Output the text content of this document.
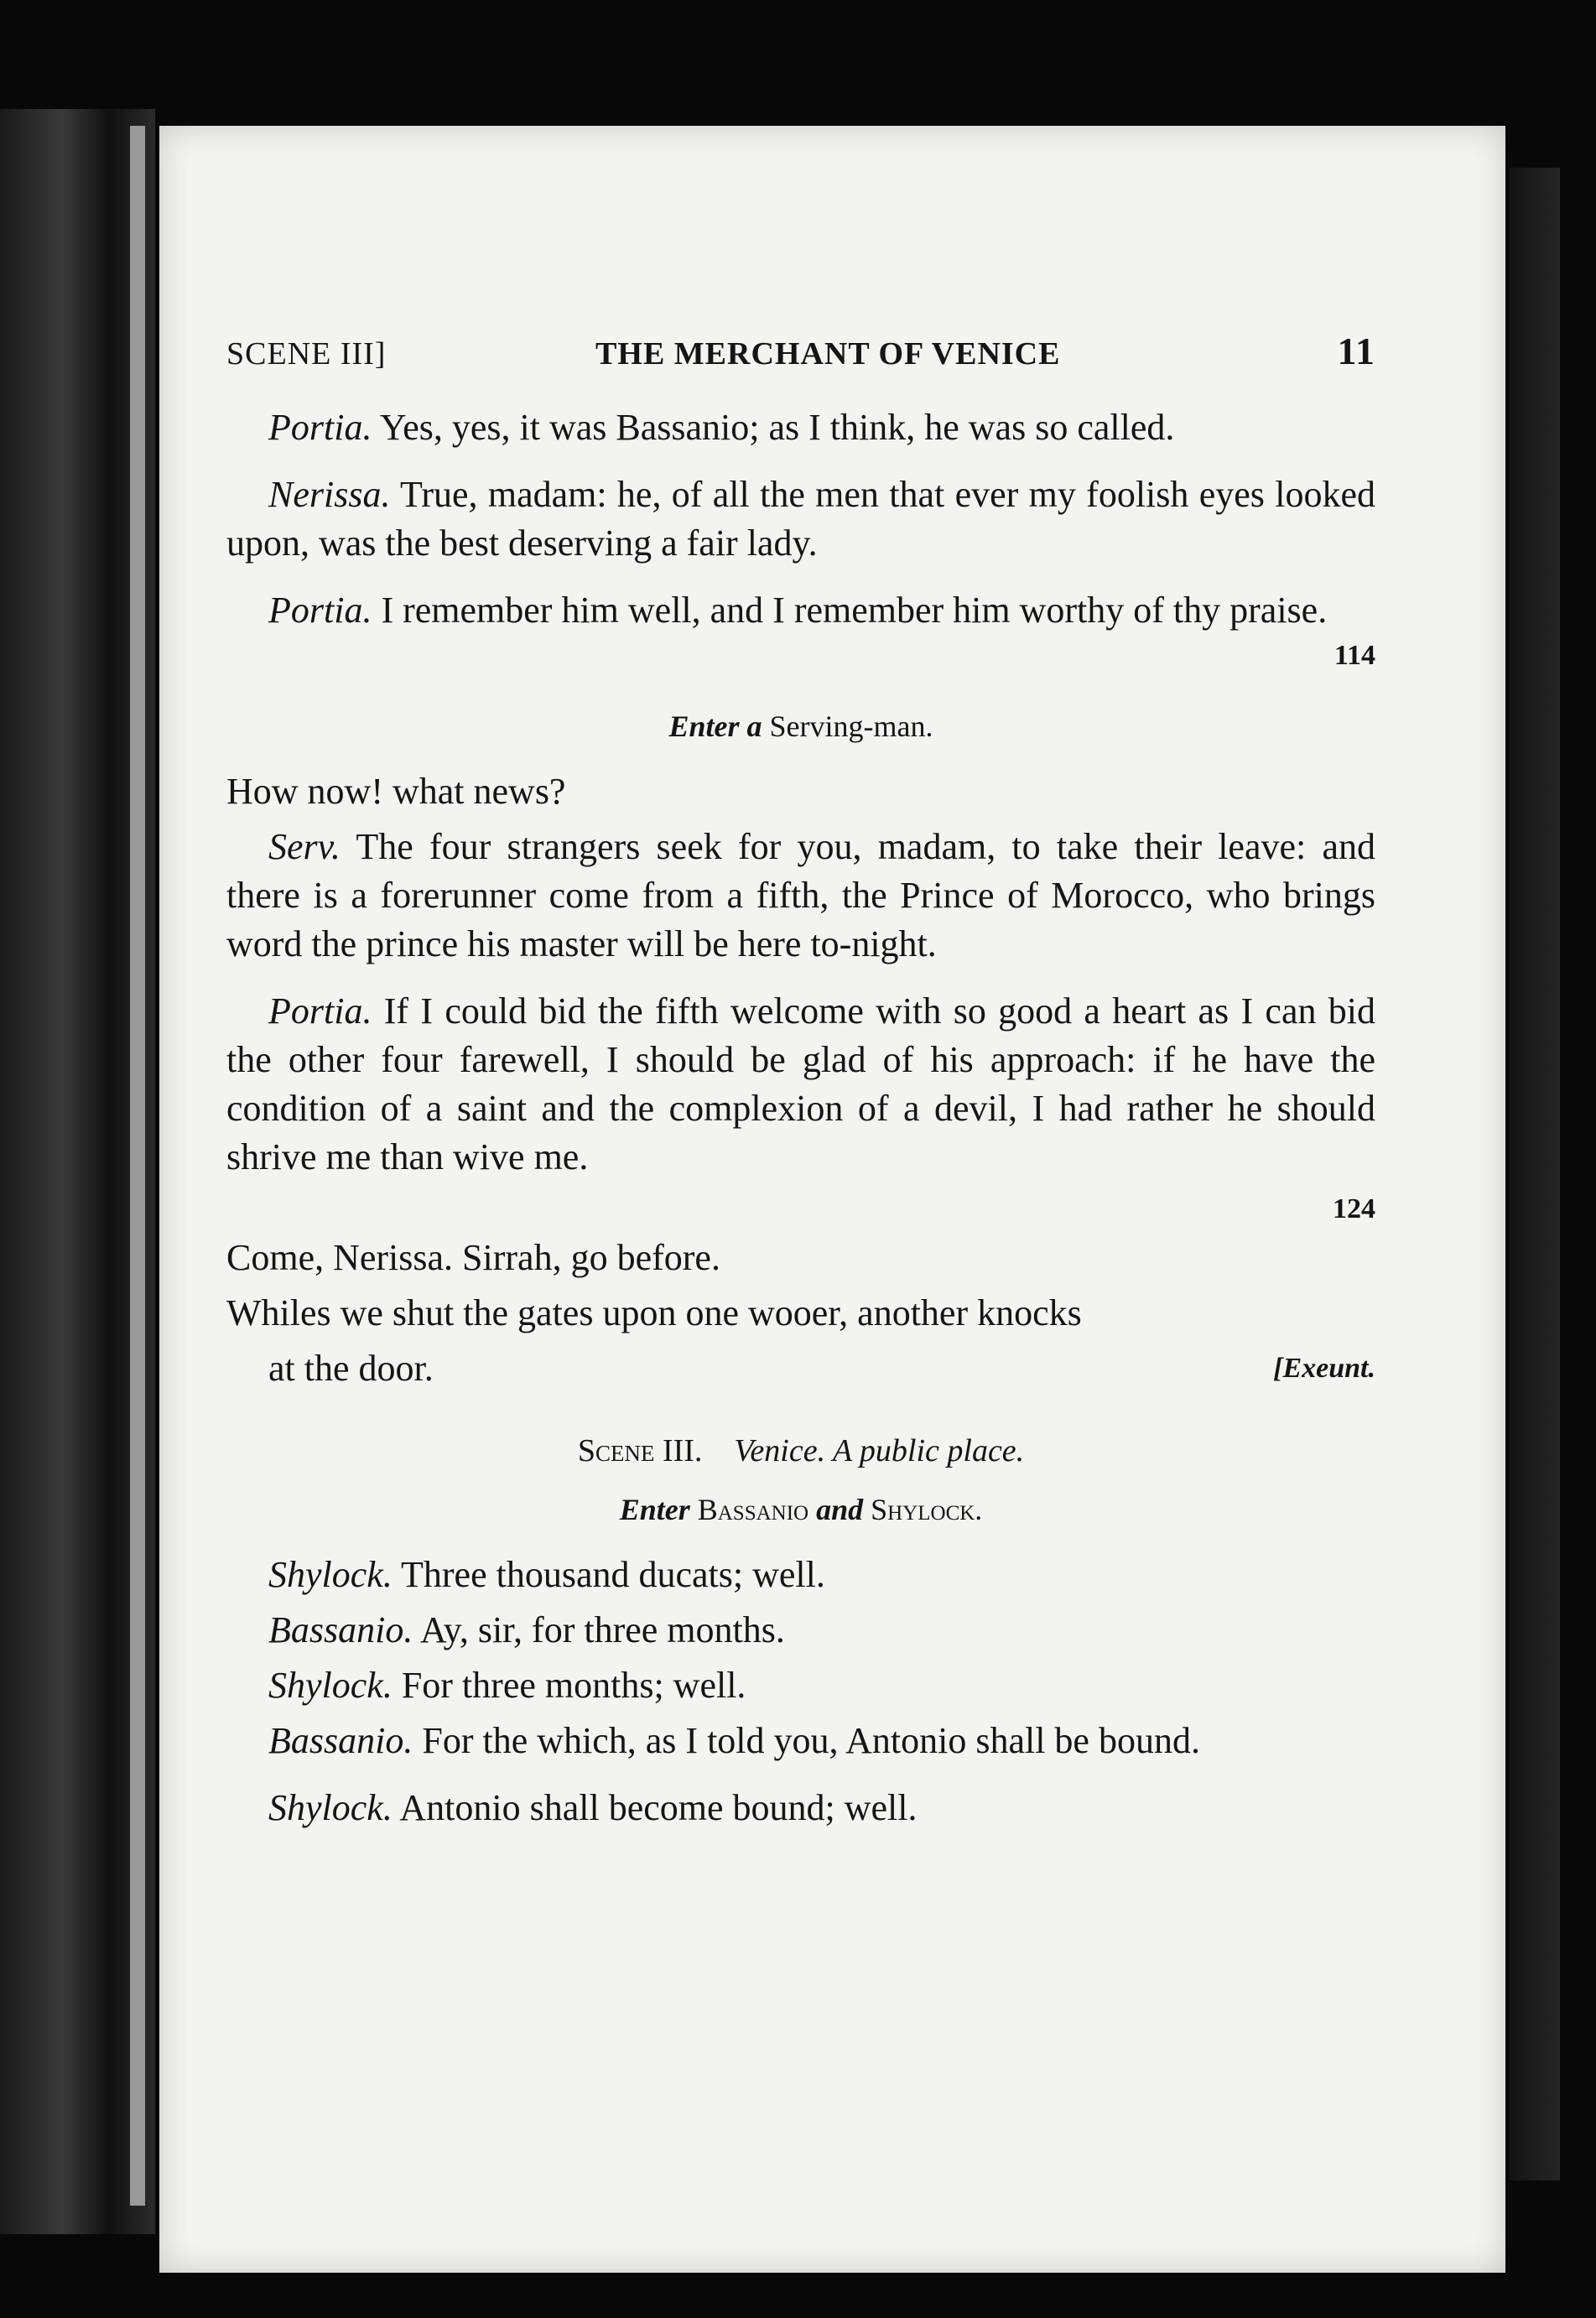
SCENE III]	THE MERCHANT OF VENICE	11

Portia. Yes, yes, it was Bassanio; as I think, he was so called.

Nerissa. True, madam: he, of all the men that ever my foolish eyes looked upon, was the best deserving a fair lady.

Portia. I remember him well, and I remember him worthy of thy praise.

114
Enter a Serving-man.

How now! what news?

Serv. The four strangers seek for you, madam, to take their leave: and there is a forerunner come from a fifth, the Prince of Morocco, who brings word the prince his master will be here to-night.

Portia. If I could bid the fifth welcome with so good a heart as I can bid the other four farewell, I should be glad of his approach: if he have the condition of a saint and the complexion of a devil, I had rather he should shrive me than wive me.

124

Come, Nerissa. Sirrah, go before.

Whiles we shut the gates upon one wooer, another knocks

at the door.	[Exeunt.
Scene III. Venice. A public place.
Enter Bassanio and Shylock.

Shylock. Three thousand ducats; well.

Bassanio. Ay, sir, for three months.

Shylock. For three months; well.

Bassanio. For the which, as I told you, Antonio shall be bound.

Shylock. Antonio shall become bound; well.
